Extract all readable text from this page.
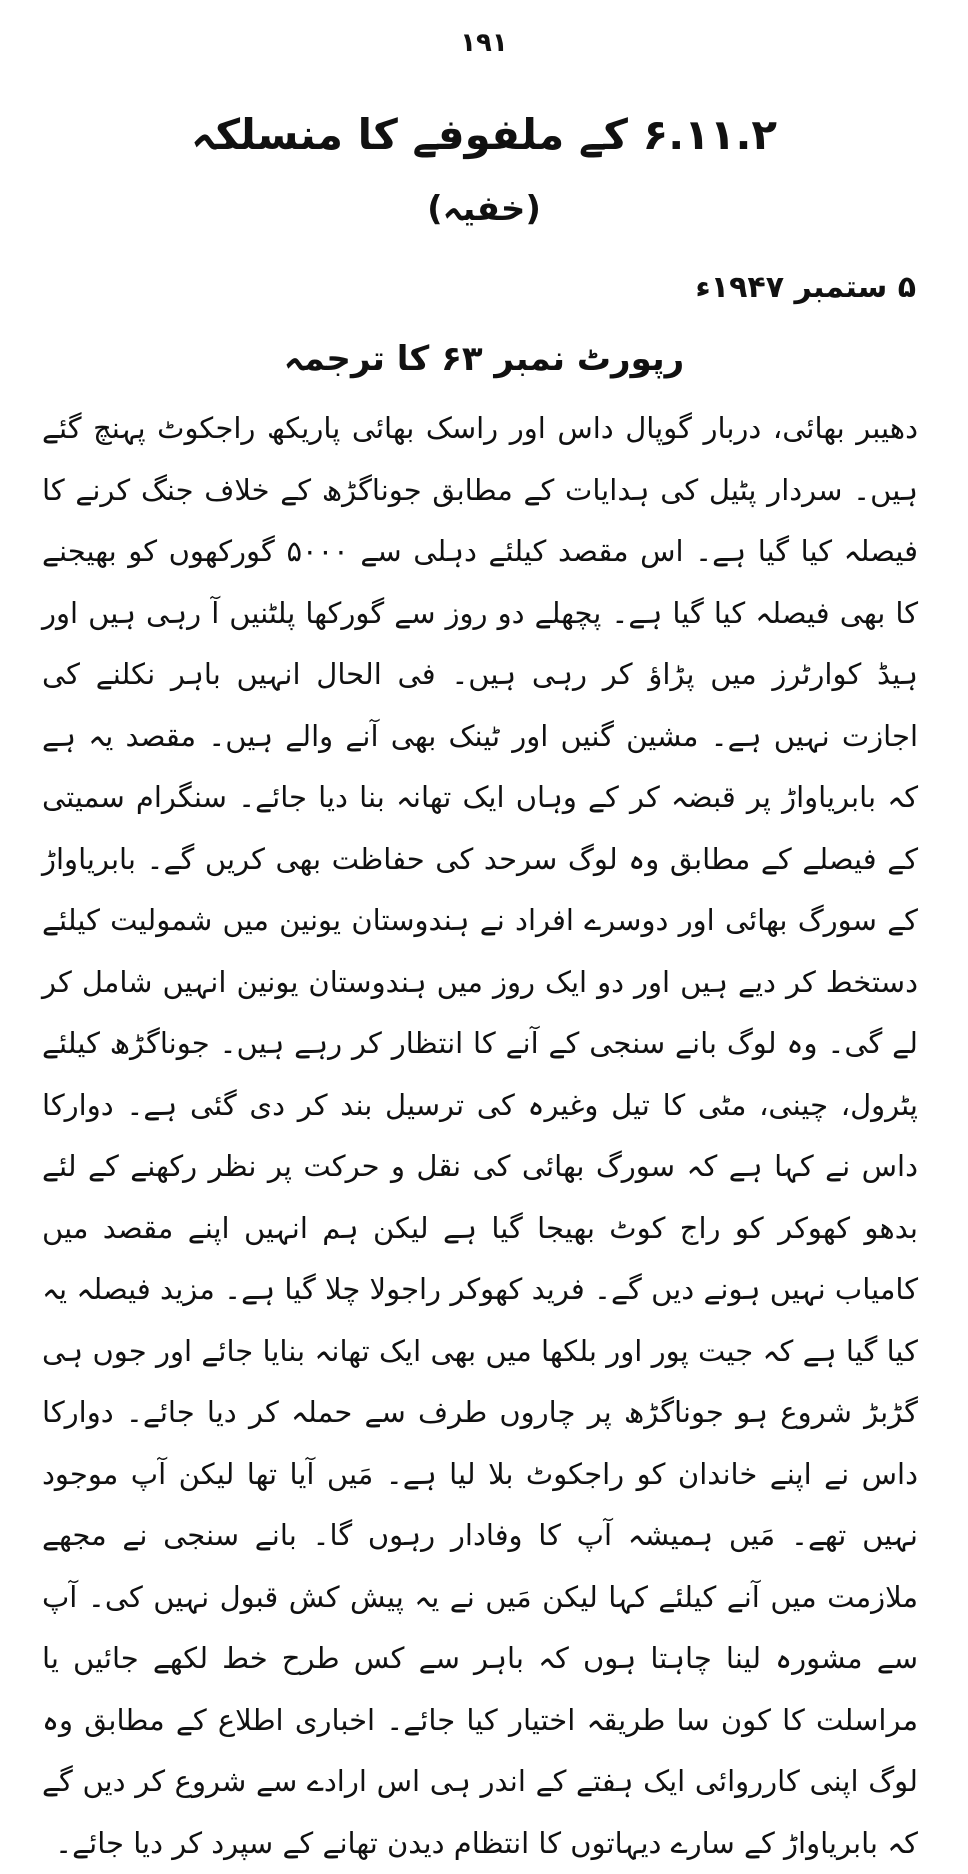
۱۹۱
۶.۱۱.۲ کے ملفوفے کا منسلکہ
(خفیہ)
۵ ستمبر ۱۹۴۷ء
رپورٹ نمبر ۶۳ کا ترجمہ

دھیبر بھائی، دربار گوپال داس اور راسک بھائی پاریکھ راجکوٹ پہنچ گئے ہیں۔ سردار پٹیل کی ہدایات کے مطابق جوناگڑھ کے خلاف جنگ کرنے کا فیصلہ کیا گیا ہے۔ اس مقصد کیلئے دہلی سے ۵۰۰۰ گورکھوں کو بھیجنے کا بھی فیصلہ کیا گیا ہے۔ پچھلے دو روز سے گورکھا پلٹنیں آ رہی ہیں اور ہیڈ کوارٹرز میں پڑاؤ کر رہی ہیں۔ فی الحال انہیں باہر نکلنے کی اجازت نہیں ہے۔ مشین گنیں اور ٹینک بھی آنے والے ہیں۔ مقصد یہ ہے کہ بابریاواڑ پر قبضہ کر کے وہاں ایک تھانہ بنا دیا جائے۔ سنگرام سمیتی کے فیصلے کے مطابق وہ لوگ سرحد کی حفاظت بھی کریں گے۔ بابریاواڑ کے سورگ بھائی اور دوسرے افراد نے ہندوستان یونین میں شمولیت کیلئے دستخط کر دیے ہیں اور دو ایک روز میں ہندوستان یونین انہیں شامل کر لے گی۔ وہ لوگ بانے سنجی کے آنے کا انتظار کر رہے ہیں۔ جوناگڑھ کیلئے پٹرول، چینی، مٹی کا تیل وغیرہ کی ترسیل بند کر دی گئی ہے۔ دوارکا داس نے کہا ہے کہ سورگ بھائی کی نقل و حرکت پر نظر رکھنے کے لئے بدھو کھوکر کو راج کوٹ بھیجا گیا ہے لیکن ہم انہیں اپنے مقصد میں کامیاب نہیں ہونے دیں گے۔ فرید کھوکر راجولا چلا گیا ہے۔ مزید فیصلہ یہ کیا گیا ہے کہ جیت پور اور بلکھا میں بھی ایک تھانہ بنایا جائے اور جوں ہی گڑبڑ شروع ہو جوناگڑھ پر چاروں طرف سے حملہ کر دیا جائے۔ دوارکا داس نے اپنے خاندان کو راجکوٹ بلا لیا ہے۔ مَیں آیا تھا لیکن آپ موجود نہیں تھے۔ مَیں ہمیشہ آپ کا وفادار رہوں گا۔ بانے سنجی نے مجھے ملازمت میں آنے کیلئے کہا لیکن مَیں نے یہ پیش کش قبول نہیں کی۔ آپ سے مشورہ لینا چاہتا ہوں کہ باہر سے کس طرح خط لکھے جائیں یا مراسلت کا کون سا طریقہ اختیار کیا جائے۔ اخباری اطلاع کے مطابق وہ لوگ اپنی کارروائی ایک ہفتے کے اندر ہی اس ارادے سے شروع کر دیں گے کہ بابریاواڑ کے سارے دیہاتوں کا انتظام دیدن تھانے کے سپرد کر دیا جائے۔
